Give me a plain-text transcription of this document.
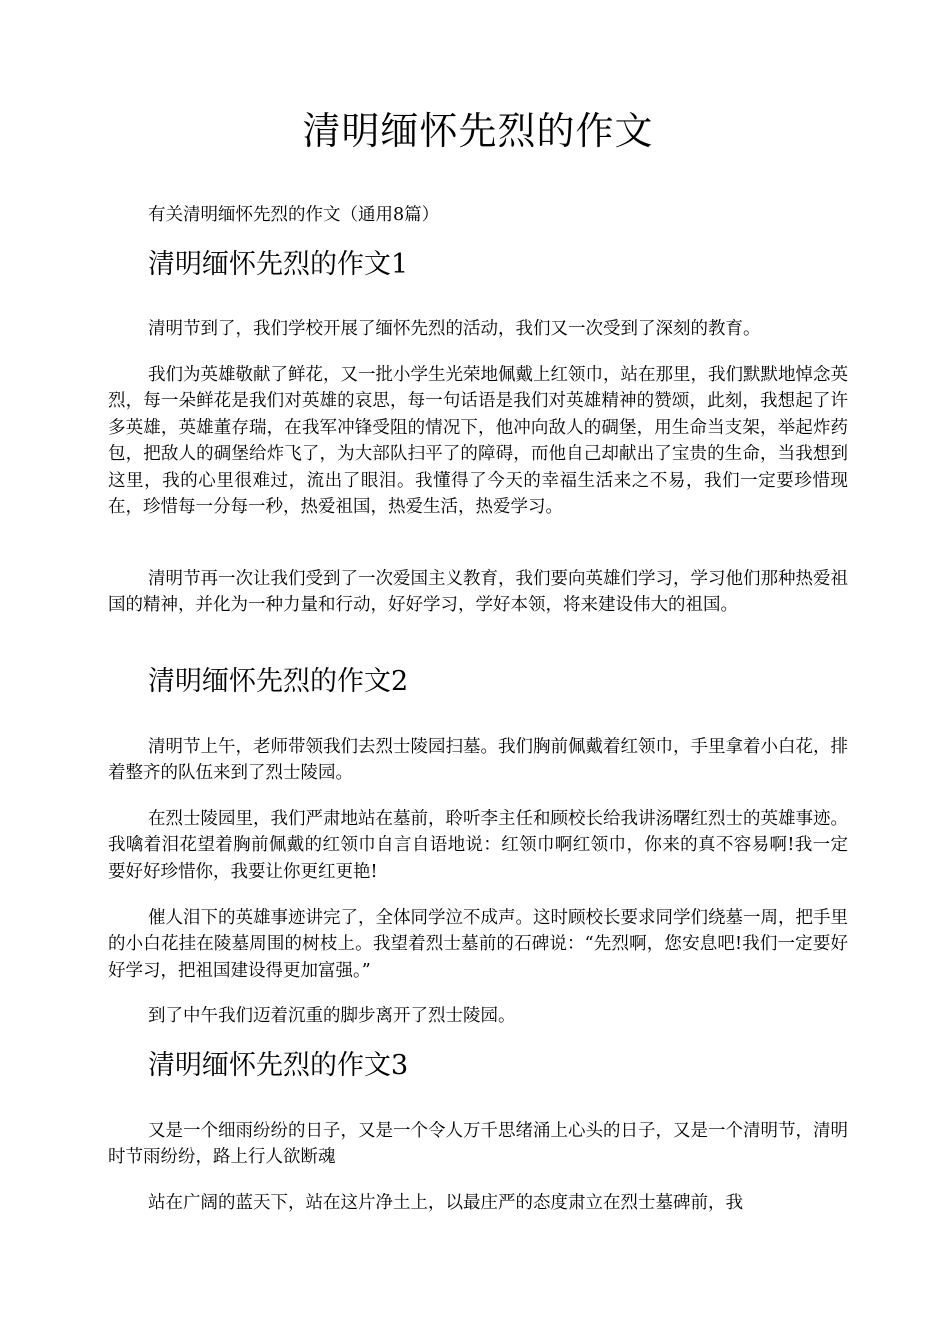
清明缅怀先烈的作文

有关清明缅怀先烈的作文（通用8篇）

清明缅怀先烈的作文1

清明节到了，我们学校开展了缅怀先烈的活动，我们又一次受到了深刻的教育。

我们为英雄敬献了鲜花，又一批小学生光荣地佩戴上红领巾，站在那里，我们默默地悼念英烈，每一朵鲜花是我们对英雄的哀思，每一句话语是我们对英雄精神的赞颂，此刻，我想起了许多英雄，英雄董存瑞，在我军冲锋受阻的情况下，他冲向敌人的碉堡，用生命当支架，举起炸药包，把敌人的碉堡给炸飞了，为大部队扫平了的障碍，而他自己却献出了宝贵的生命，当我想到这里，我的心里很难过，流出了眼泪。我懂得了今天的幸福生活来之不易，我们一定要珍惜现在，珍惜每一分每一秒，热爱祖国，热爱生活，热爱学习。

清明节再一次让我们受到了一次爱国主义教育，我们要向英雄们学习，学习他们那种热爱祖国的精神，并化为一种力量和行动，好好学习，学好本领，将来建设伟大的祖国。

清明缅怀先烈的作文2

清明节上午，老师带领我们去烈士陵园扫墓。我们胸前佩戴着红领巾，手里拿着小白花，排着整齐的队伍来到了烈士陵园。

在烈士陵园里，我们严肃地站在墓前，聆听李主任和顾校长给我讲汤曙红烈士的英雄事迹。我噙着泪花望着胸前佩戴的红领巾自言自语地说：红领巾啊红领巾，你来的真不容易啊!我一定要好好珍惜你，我要让你更红更艳!

催人泪下的英雄事迹讲完了，全体同学泣不成声。这时顾校长要求同学们绕墓一周，把手里的小白花挂在陵墓周围的树枝上。我望着烈士墓前的石碑说：“先烈啊，您安息吧!我们一定要好好学习，把祖国建设得更加富强。”

到了中午我们迈着沉重的脚步离开了烈士陵园。

清明缅怀先烈的作文3

又是一个细雨纷纷的日子，又是一个令人万千思绪涌上心头的日子，又是一个清明节，清明时节雨纷纷，路上行人欲断魂

站在广阔的蓝天下，站在这片净土上，以最庄严的态度肃立在烈士墓碑前，我
